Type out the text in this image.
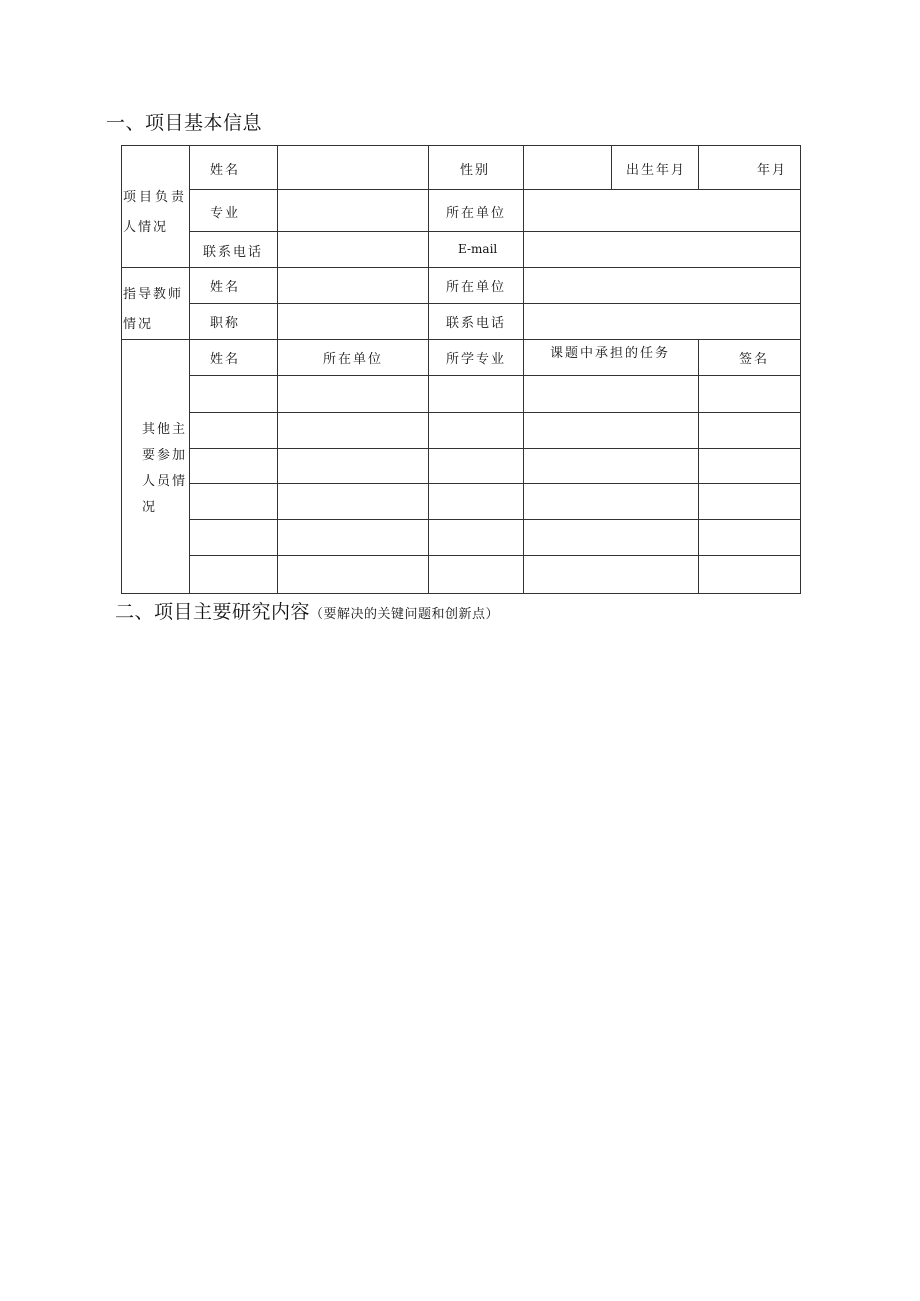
一、项目基本信息
项目负责
人情况
姓名	性别	出生年月	年月
专业	所在单位
联系电话	E-mail
指导教师
情况
姓名	所在单位
职称	联系电话
其他主
要参加
人员情
况
姓名	所在单位	所学专业	课题中承担的任务	签名
二、项目主要研究内容（要解决的关键问题和创新点）
